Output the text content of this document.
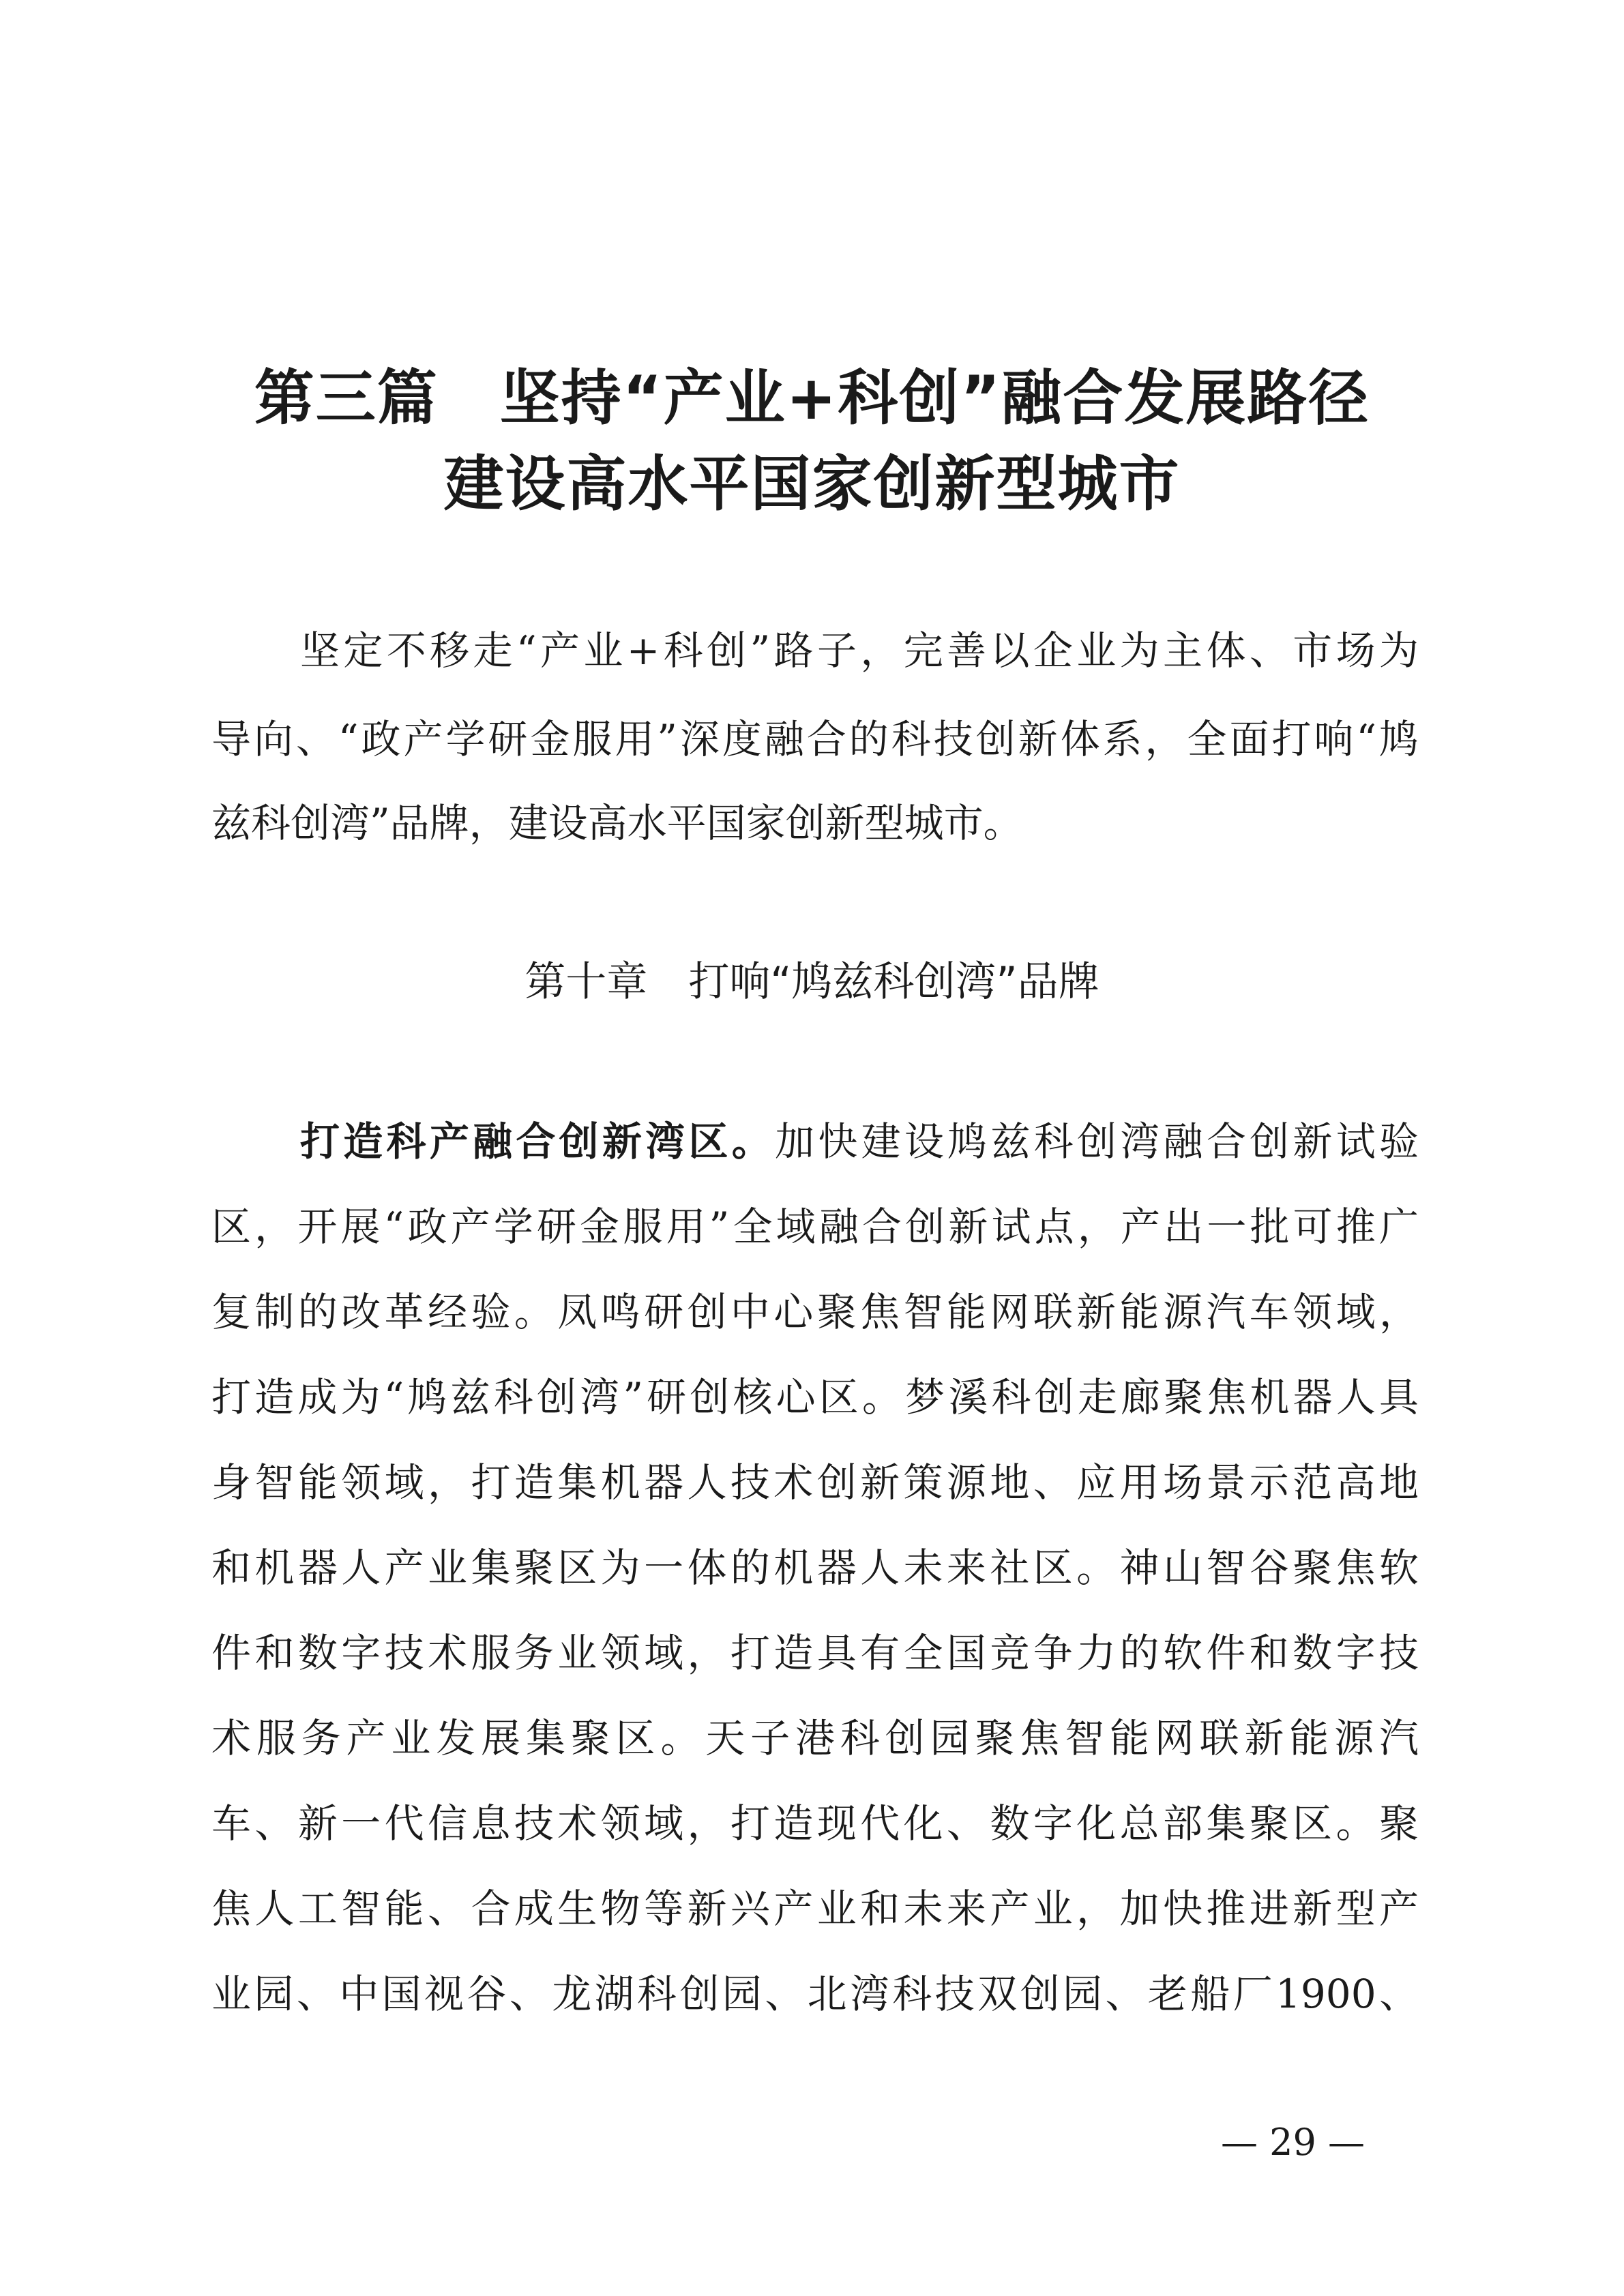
第三篇　坚持“产业+科创”融合发展路径
建设高水平国家创新型城市
坚定不移走“产业+科创”路子，完善以企业为主体、市场为
导向、“政产学研金服用”深度融合的科技创新体系，全面打响“鸠
兹科创湾”品牌，建设高水平国家创新型城市。
第十章　打响“鸠兹科创湾”品牌
打造科产融合创新湾区。加快建设鸠兹科创湾融合创新试验
区，开展“政产学研金服用”全域融合创新试点，产出一批可推广
复制的改革经验。凤鸣研创中心聚焦智能网联新能源汽车领域，
打造成为“鸠兹科创湾”研创核心区。梦溪科创走廊聚焦机器人具
身智能领域，打造集机器人技术创新策源地、应用场景示范高地
和机器人产业集聚区为一体的机器人未来社区。神山智谷聚焦软
件和数字技术服务业领域，打造具有全国竞争力的软件和数字技
术服务产业发展集聚区。天子港科创园聚焦智能网联新能源汽
车、新一代信息技术领域，打造现代化、数字化总部集聚区。聚
焦人工智能、合成生物等新兴产业和未来产业，加快推进新型产
业园、中国视谷、龙湖科创园、北湾科技双创园、老船厂1900、
— 29 —
